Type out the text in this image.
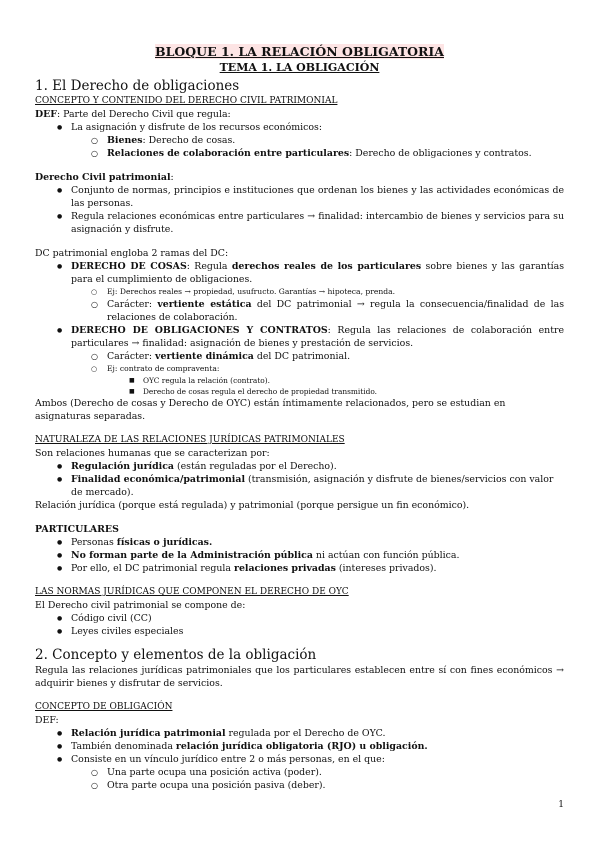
BLOQUE 1. LA RELACIÓN OBLIGATORIA
TEMA 1. LA OBLIGACIÓN
1. El Derecho de obligaciones

CONCEPTO Y CONTENIDO DEL DERECHO CIVIL PATRIMONIAL

DEF: Parte del Derecho Civil que regula:

● La asignación y disfrute de los recursos económicos:
○ Bienes: Derecho de cosas.
○ Relaciones de colaboración entre particulares: Derecho de obligaciones y contratos.

Derecho Civil patrimonial:

● Conjunto de normas, principios e instituciones que ordenan los bienes y las actividades económicas de las personas.
● Regula relaciones económicas entre particulares → finalidad: intercambio de bienes y servicios para su asignación y disfrute.

DC patrimonial engloba 2 ramas del DC:

● DERECHO DE COSAS: Regula derechos reales de los particulares sobre bienes y las garantías para el cumplimiento de obligaciones.
○ Ej: Derechos reales → propiedad, usufructo. Garantías → hipoteca, prenda.
○ Carácter: vertiente estática del DC patrimonial → regula la consecuencia/finalidad de las relaciones de colaboración.
● DERECHO DE OBLIGACIONES Y CONTRATOS: Regula las relaciones de colaboración entre particulares → finalidad: asignación de bienes y prestación de servicios.
○ Carácter: vertiente dinámica del DC patrimonial.
○ Ej: contrato de compraventa:
■ OYC regula la relación (contrato).
■ Derecho de cosas regula el derecho de propiedad transmitido.

Ambos (Derecho de cosas y Derecho de OYC) están íntimamente relacionados, pero se estudian en asignaturas separadas.

NATURALEZA DE LAS RELACIONES JURÍDICAS PATRIMONIALES

Son relaciones humanas que se caracterizan por:

● Regulación jurídica (están reguladas por el Derecho).
● Finalidad económica/patrimonial (transmisión, asignación y disfrute de bienes/servicios con valor de mercado).

Relación jurídica (porque está regulada) y patrimonial (porque persigue un fin económico).

PARTICULARES

● Personas físicas o jurídicas.
● No forman parte de la Administración pública ni actúan con función pública.
● Por ello, el DC patrimonial regula relaciones privadas (intereses privados).

LAS NORMAS JURÍDICAS QUE COMPONEN EL DERECHO DE OYC

El Derecho civil patrimonial se compone de:

● Código civil (CC)
● Leyes civiles especiales
2. Concepto y elementos de la obligación

Regula las relaciones jurídicas patrimoniales que los particulares establecen entre sí con fines económicos → adquirir bienes y disfrutar de servicios.

CONCEPTO DE OBLIGACIÓN

DEF:

● Relación jurídica patrimonial regulada por el Derecho de OYC.
● También denominada relación jurídica obligatoria (RJO) u obligación.
● Consiste en un vínculo jurídico entre 2 o más personas, en el que:
○ Una parte ocupa una posición activa (poder).
○ Otra parte ocupa una posición pasiva (deber).
1
